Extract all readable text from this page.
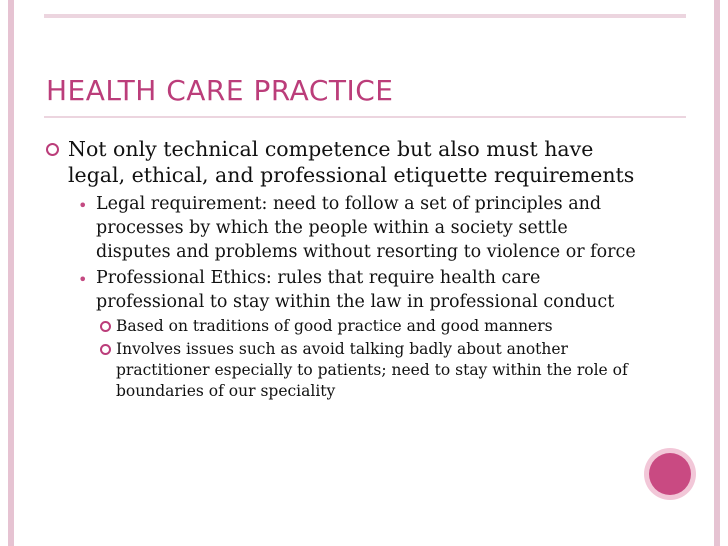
HEALTH CARE PRACTICE
Not only technical competence but also must have legal, ethical, and professional etiquette requirements
• Legal requirement: need to follow a set of principles and processes by which the people within a society settle disputes and problems without resorting to violence or force
• Professional Ethics: rules that require health care professional to stay within the law in professional conduct
Based on traditions of good practice and good manners
Involves issues such as avoid talking badly about another practitioner especially to patients; need to stay within the role of boundaries of our speciality
